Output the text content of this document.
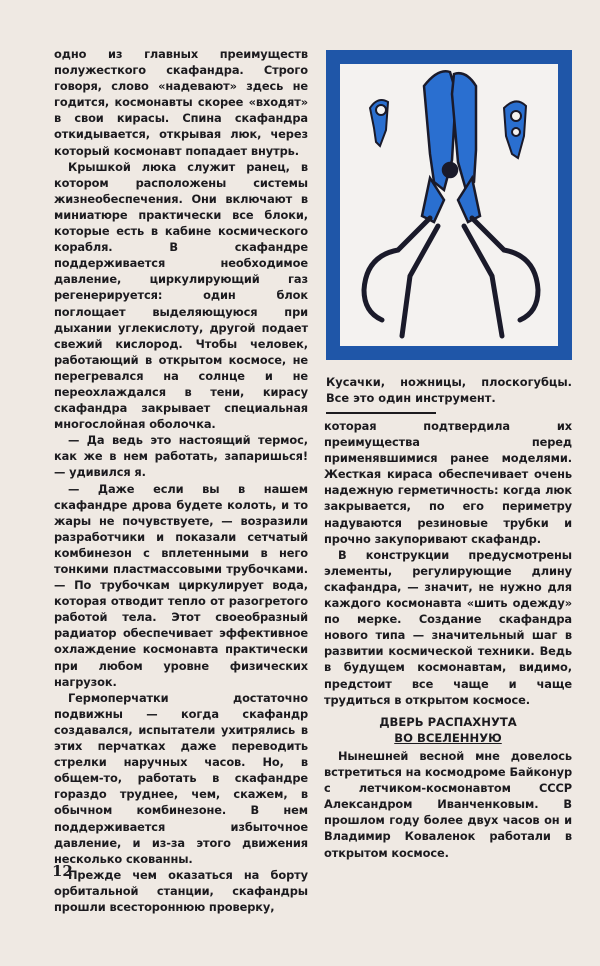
одно из главных преимуществ полужесткого скафандра. Строго говоря, слово «надевают» здесь не годится, космонавты скорее «входят» в свои кирасы. Спина скафандра откидывается, открывая люк, через который космонавт попадает внутрь.

Крышкой люка служит ранец, в котором расположены системы жизнеобеспечения. Они включают в миниатюре практически все блоки, которые есть в кабине космического корабля. В скафандре поддерживается необходимое давление, циркулирующий газ регенерируется: один блок поглощает выделяющуюся при дыхании углекислоту, другой подает свежий кислород. Чтобы человек, работающий в открытом космосе, не перегревался на солнце и не переохлаждался в тени, кирасу скафандра закрывает специальная многослойная оболочка.

— Да ведь это настоящий термос, как же в нем работать, запаришься! — удивился я.

— Даже если вы в нашем скафандре дрова будете колоть, и то жары не почувствуете, — возразили разработчики и показали сетчатый комбинезон с вплетенными в него тонкими пластмассовыми трубочками. — По трубочкам циркулирует вода, которая отводит тепло от разогретого работой тела. Этот своеобразный радиатор обеспечивает эффективное охлаждение космонавта практически при любом уровне физических нагрузок.

Гермоперчатки достаточно подвижны — когда скафандр создавался, испытатели ухитрялись в этих перчатках даже переводить стрелки наручных часов. Но, в общем-то, работать в скафандре гораздо труднее, чем, скажем, в обычном комбинезоне. В нем поддерживается избыточное давление, и из-за этого движения несколько скованны.

Прежде чем оказаться на борту орбитальной станции, скафандры прошли всестороннюю проверку,

Кусачки, ножницы, плоскогубцы. Все это один инструмент.

которая подтвердила их преимущества перед применявшимися ранее моделями. Жесткая кираса обеспечивает очень надежную герметичность: когда люк закрывается, по его периметру надуваются резиновые трубки и прочно закупоривают скафандр.

В конструкции предусмотрены элементы, регулирующие длину скафандра, — значит, не нужно для каждого космонавта «шить одежду» по мерке. Создание скафандра нового типа — значительный шаг в развитии космической техники. Ведь в будущем космонавтам, видимо, предстоит все чаще и чаще трудиться в открытом космосе.

ДВЕРЬ РАСПАХНУТА
ВО ВСЕЛЕННУЮ

Нынешней весной мне довелось встретиться на космодроме Байконур с летчиком-космонавтом СССР Александром Иванченковым. В прошлом году более двух часов он и Владимир Коваленок работали в открытом космосе.

12
